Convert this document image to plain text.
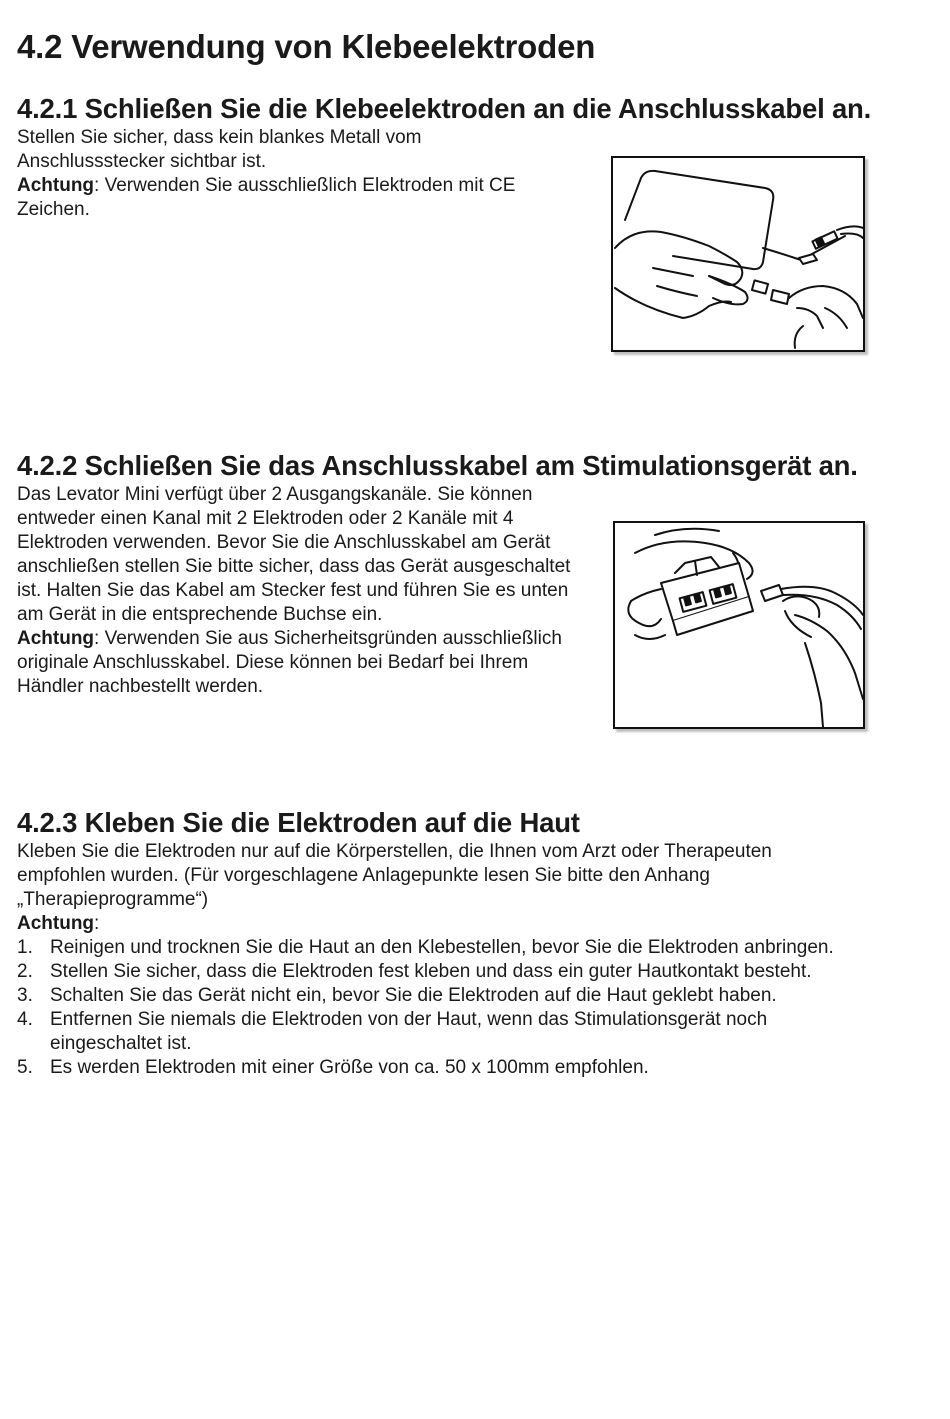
4.2 Verwendung von Klebeelektroden
4.2.1 Schließen Sie die Klebeelektroden an die Anschlusskabel an.

Stellen Sie sicher, dass kein blankes Metall vom Anschlussstecker sichtbar ist.
Achtung: Verwenden Sie ausschließlich Elektroden mit CE Zeichen.

4.2.2 Schließen Sie das Anschlusskabel am Stimulationsgerät an.

Das Levator Mini verfügt über 2 Ausgangskanäle. Sie können entweder einen Kanal mit 2 Elektroden oder 2 Kanäle mit 4 Elektroden verwenden. Bevor Sie die Anschlusskabel am Gerät anschließen stellen Sie bitte sicher, dass das Gerät ausgeschaltet ist. Halten Sie das Kabel am Stecker fest und führen Sie es unten am Gerät in die entsprechende Buchse ein.
Achtung: Verwenden Sie aus Sicherheitsgründen ausschließlich originale Anschlusskabel. Diese können bei Bedarf bei Ihrem Händler nachbestellt werden.

4.2.3 Kleben Sie die Elektroden auf die Haut

Kleben Sie die Elektroden nur auf die Körperstellen, die Ihnen vom Arzt oder Therapeuten empfohlen wurden. (Für vorgeschlagene Anlagepunkte lesen Sie bitte den Anhang „Therapieprogramme“)

Achtung:

1. Reinigen und trocknen Sie die Haut an den Klebestellen, bevor Sie die Elektroden anbringen.
2. Stellen Sie sicher, dass die Elektroden fest kleben und dass ein guter Hautkontakt besteht.
3. Schalten Sie das Gerät nicht ein, bevor Sie die Elektroden auf die Haut geklebt haben.
4. Entfernen Sie niemals die Elektroden von der Haut, wenn das Stimulationsgerät noch eingeschaltet ist.
5. Es werden Elektroden mit einer Größe von ca. 50 x 100mm empfohlen.
